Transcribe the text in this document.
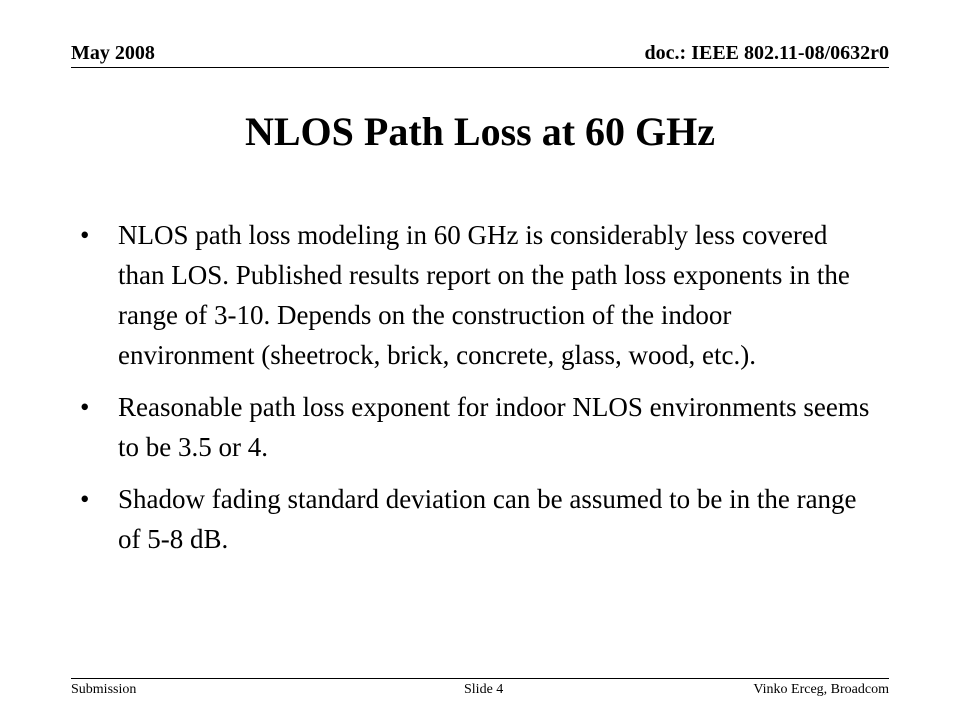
May 2008	doc.: IEEE 802.11-08/0632r0
NLOS Path Loss at 60 GHz
• NLOS path loss modeling in 60 GHz is considerably less covered than LOS. Published results report on the path loss exponents in the range of 3-10. Depends on the construction of the indoor environment (sheetrock, brick, concrete, glass, wood, etc.).
• Reasonable path loss exponent for indoor NLOS environments seems to be 3.5 or 4.
• Shadow fading standard deviation can be assumed to be in the range of 5-8 dB.
Submission	Slide 4	Vinko Erceg, Broadcom
